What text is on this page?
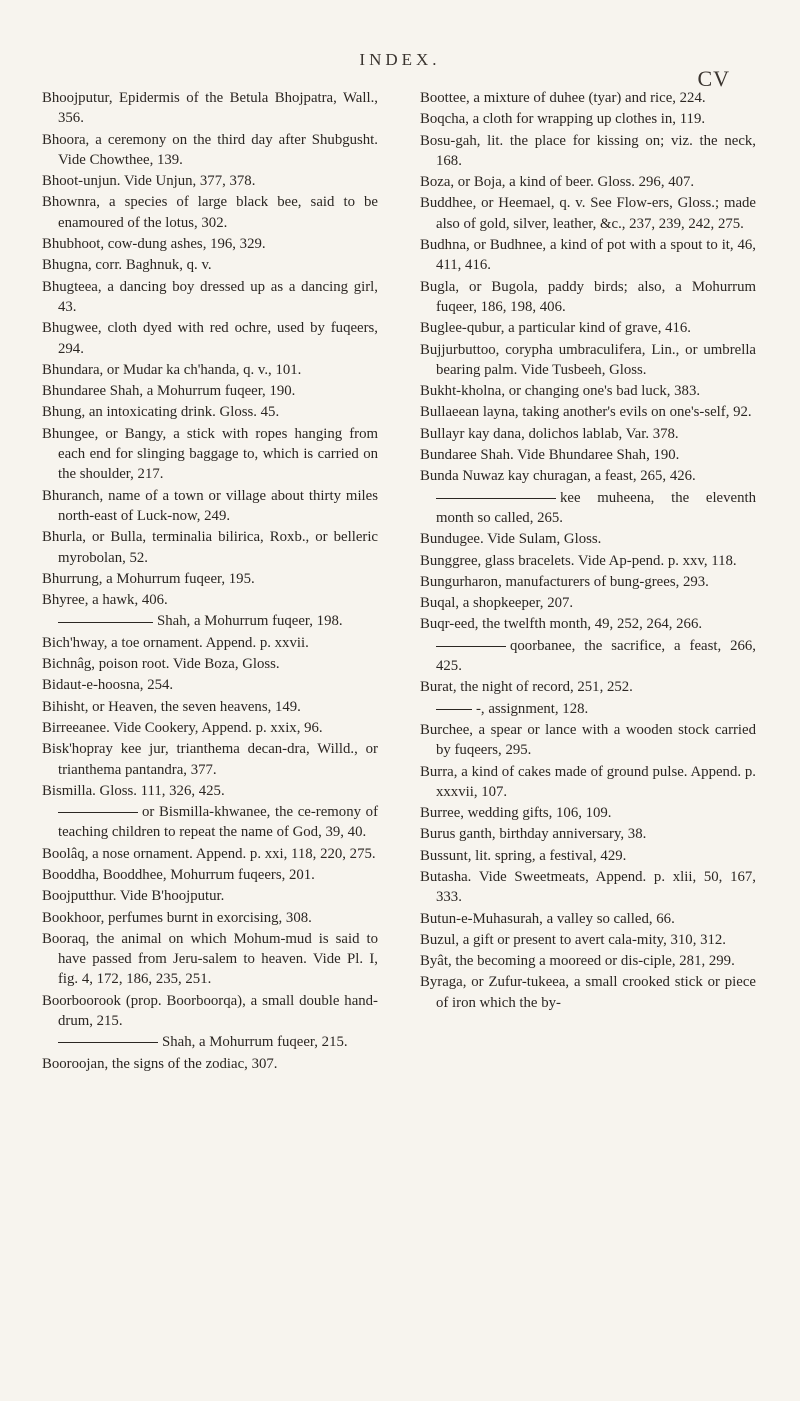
INDEX.
CV

Bhoojputur, Epidermis of the Betula Bhojpatra, Wall., 356.

Bhoora, a ceremony on the third day after Shubgusht. Vide Chowthee, 139.

Bhoot-unjun. Vide Unjun, 377, 378.

Bhownra, a species of large black bee, said to be enamoured of the lotus, 302.

Bhubhoot, cow-dung ashes, 196, 329.

Bhugna, corr. Baghnuk, q. v.

Bhugteea, a dancing boy dressed up as a dancing girl, 43.

Bhugwee, cloth dyed with red ochre, used by fuqeers, 294.

Bhundara, or Mudar ka ch'handa, q. v., 101.

Bhundaree Shah, a Mohurrum fuqeer, 190.

Bhung, an intoxicating drink. Gloss. 45.

Bhungee, or Bangy, a stick with ropes hanging from each end for slinging baggage to, which is carried on the shoulder, 217.

Bhuranch, name of a town or village about thirty miles north-east of Luck-now, 249.

Bhurla, or Bulla, terminalia bilirica, Roxb., or belleric myrobolan, 52.

Bhurrung, a Mohurrum fuqeer, 195.

Bhyree, a hawk, 406.

Shah, a Mohurrum fuqeer, 198.

Bich'hway, a toe ornament. Append. p. xxvii.

Bichnâg, poison root. Vide Boza, Gloss.

Bidaut-e-hoosna, 254.

Bihisht, or Heaven, the seven heavens, 149.

Birreeanee. Vide Cookery, Append. p. xxix, 96.

Bisk'hopray kee jur, trianthema decan-dra, Willd., or trianthema pantandra, 377.

Bismilla. Gloss. 111, 326, 425.

or Bismilla-khwanee, the ce-remony of teaching children to repeat the name of God, 39, 40.

Boolâq, a nose ornament. Append. p. xxi, 118, 220, 275.

Booddha, Booddhee, Mohurrum fuqeers, 201.

Boojputthur. Vide B'hoojputur.

Bookhoor, perfumes burnt in exorcising, 308.

Booraq, the animal on which Mohum-mud is said to have passed from Jeru-salem to heaven. Vide Pl. I, fig. 4, 172, 186, 235, 251.

Boorboorook (prop. Boorboorqa), a small double hand-drum, 215.

Shah, a Mohurrum fuqeer, 215.

Booroojan, the signs of the zodiac, 307.

Boottee, a mixture of duhee (tyar) and rice, 224.

Boqcha, a cloth for wrapping up clothes in, 119.

Bosu-gah, lit. the place for kissing on; viz. the neck, 168.

Boza, or Boja, a kind of beer. Gloss. 296, 407.

Buddhee, or Heemael, q. v. See Flow-ers, Gloss.; made also of gold, silver, leather, &c., 237, 239, 242, 275.

Budhna, or Budhnee, a kind of pot with a spout to it, 46, 411, 416.

Bugla, or Bugola, paddy birds; also, a Mohurrum fuqeer, 186, 198, 406.

Buglee-qubur, a particular kind of grave, 416.

Bujjurbuttoo, corypha umbraculifera, Lin., or umbrella bearing palm. Vide Tusbeeh, Gloss.

Bukht-kholna, or changing one's bad luck, 383.

Bullaeean layna, taking another's evils on one's-self, 92.

Bullayr kay dana, dolichos lablab, Var. 378.

Bundaree Shah. Vide Bhundaree Shah, 190.

Bunda Nuwaz kay churagan, a feast, 265, 426.

kee muheena, the eleventh month so called, 265.

Bundugee. Vide Sulam, Gloss.

Bunggree, glass bracelets. Vide Ap-pend. p. xxv, 118.

Bungurharon, manufacturers of bung-grees, 293.

Buqal, a shopkeeper, 207.

Buqr-eed, the twelfth month, 49, 252, 264, 266.

qoorbanee, the sacrifice, a feast, 266, 425.

Burat, the night of record, 251, 252.

-, assignment, 128.

Burchee, a spear or lance with a wooden stock carried by fuqeers, 295.

Burra, a kind of cakes made of ground pulse. Append. p. xxxvii, 107.

Burree, wedding gifts, 106, 109.

Burus ganth, birthday anniversary, 38.

Bussunt, lit. spring, a festival, 429.

Butasha. Vide Sweetmeats, Append. p. xlii, 50, 167, 333.

Butun-e-Muhasurah, a valley so called, 66.

Buzul, a gift or present to avert cala-mity, 310, 312.

Byât, the becoming a mooreed or dis-ciple, 281, 299.

Byraga, or Zufur-tukeea, a small crooked stick or piece of iron which the by-
